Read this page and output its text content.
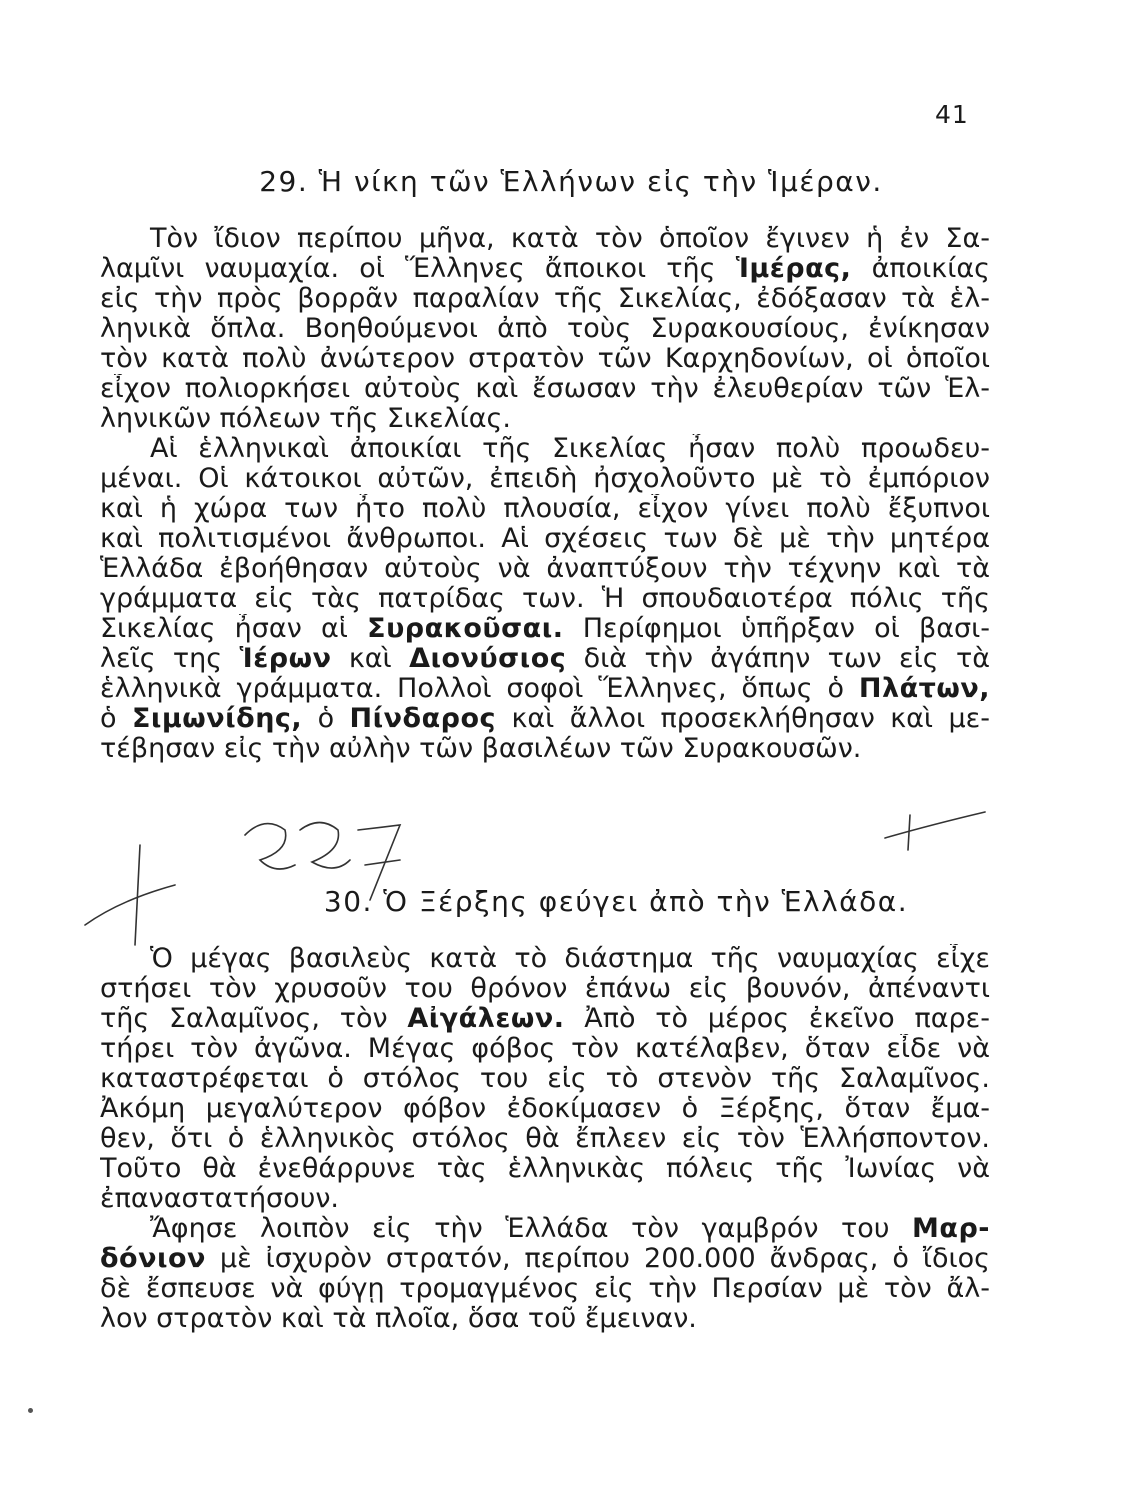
41
29. Ἡ νίκη τῶν Ἑλλήνων εἰς τὴν Ἱμέραν.
Τὸν ἴδιον περίπου μῆνα, κατὰ τὸν ὁποῖον ἔγινεν ἡ ἐν Σα-
λαμῖνι ναυμαχία. οἱ Ἕλληνες ἄποικοι τῆς Ἱμέρας, ἀποικίας
εἰς τὴν πρὸς βορρᾶν παραλίαν τῆς Σικελίας, ἐδόξασαν τὰ ἑλ-
ληνικὰ ὅπλα. Βοηθούμενοι ἀπὸ τοὺς Συρακουσίους, ἐνίκησαν
τὸν κατὰ πολὺ ἀνώτερον στρατὸν τῶν Καρχηδονίων, οἱ ὁποῖοι
εἶχον πολιορκήσει αὐτοὺς καὶ ἔσωσαν τὴν ἐλευθερίαν τῶν Ἑλ-
ληνικῶν πόλεων τῆς Σικελίας.
Αἱ ἑλληνικαὶ ἀποικίαι τῆς Σικελίας ἦσαν πολὺ προωδευ-
μέναι. Οἱ κάτοικοι αὐτῶν, ἐπειδὴ ἠσχολοῦντο μὲ τὸ ἐμπόριον
καὶ ἡ χώρα των ἦτο πολὺ πλουσία, εἶχον γίνει πολὺ ἔξυπνοι
καὶ πολιτισμένοι ἄνθρωποι. Αἱ σχέσεις των δὲ μὲ τὴν μητέρα
Ἑλλάδα ἐβοήθησαν αὐτοὺς νὰ ἀναπτύξουν τὴν τέχνην καὶ τὰ
γράμματα εἰς τὰς πατρίδας των. Ἡ σπουδαιοτέρα πόλις τῆς
Σικελίας ἦσαν αἱ Συρακοῦσαι. Περίφημοι ὑπῆρξαν οἱ βασι-
λεῖς της Ἱέρων καὶ Διονύσιος διὰ τὴν ἀγάπην των εἰς τὰ
ἑλληνικὰ γράμματα. Πολλοὶ σοφοὶ Ἕλληνες, ὅπως ὁ Πλάτων,
ὁ Σιμωνίδης, ὁ Πίνδαρος καὶ ἄλλοι προσεκλήθησαν καὶ με-
τέβησαν εἰς τὴν αὐλὴν τῶν βασιλέων τῶν Συρακουσῶν.
30. Ὁ Ξέρξης φεύγει ἀπὸ τὴν Ἑλλάδα.
Ὁ μέγας βασιλεὺς κατὰ τὸ διάστημα τῆς ναυμαχίας εἶχε
στήσει τὸν χρυσοῦν του θρόνον ἐπάνω εἰς βουνόν, ἀπέναντι
τῆς Σαλαμῖνος, τὸν Αἰγάλεων. Ἀπὸ τὸ μέρος ἐκεῖνο παρε-
τήρει τὸν ἀγῶνα. Μέγας φόβος τὸν κατέλαβεν, ὅταν εἶδε νὰ
καταστρέφεται ὁ στόλος του εἰς τὸ στενὸν τῆς Σαλαμῖνος.
Ἀκόμη μεγαλύτερον φόβον ἐδοκίμασεν ὁ Ξέρξης, ὅταν ἔμα-
θεν, ὅτι ὁ ἑλληνικὸς στόλος θὰ ἔπλεεν εἰς τὸν Ἑλλήσποντον.
Τοῦτο θὰ ἐνεθάρρυνε τὰς ἑλληνικὰς πόλεις τῆς Ἰωνίας νὰ
ἐπαναστατήσουν.
Ἄφησε λοιπὸν εἰς τὴν Ἑλλάδα τὸν γαμβρόν του Μαρ-
δόνιον μὲ ἰσχυρὸν στρατόν, περίπου 200.000 ἄνδρας, ὁ ἴδιος
δὲ ἔσπευσε νὰ φύγῃ τρομαγμένος εἰς τὴν Περσίαν μὲ τὸν ἄλ-
λον στρατὸν καὶ τὰ πλοῖα, ὅσα τοῦ ἔμειναν.
